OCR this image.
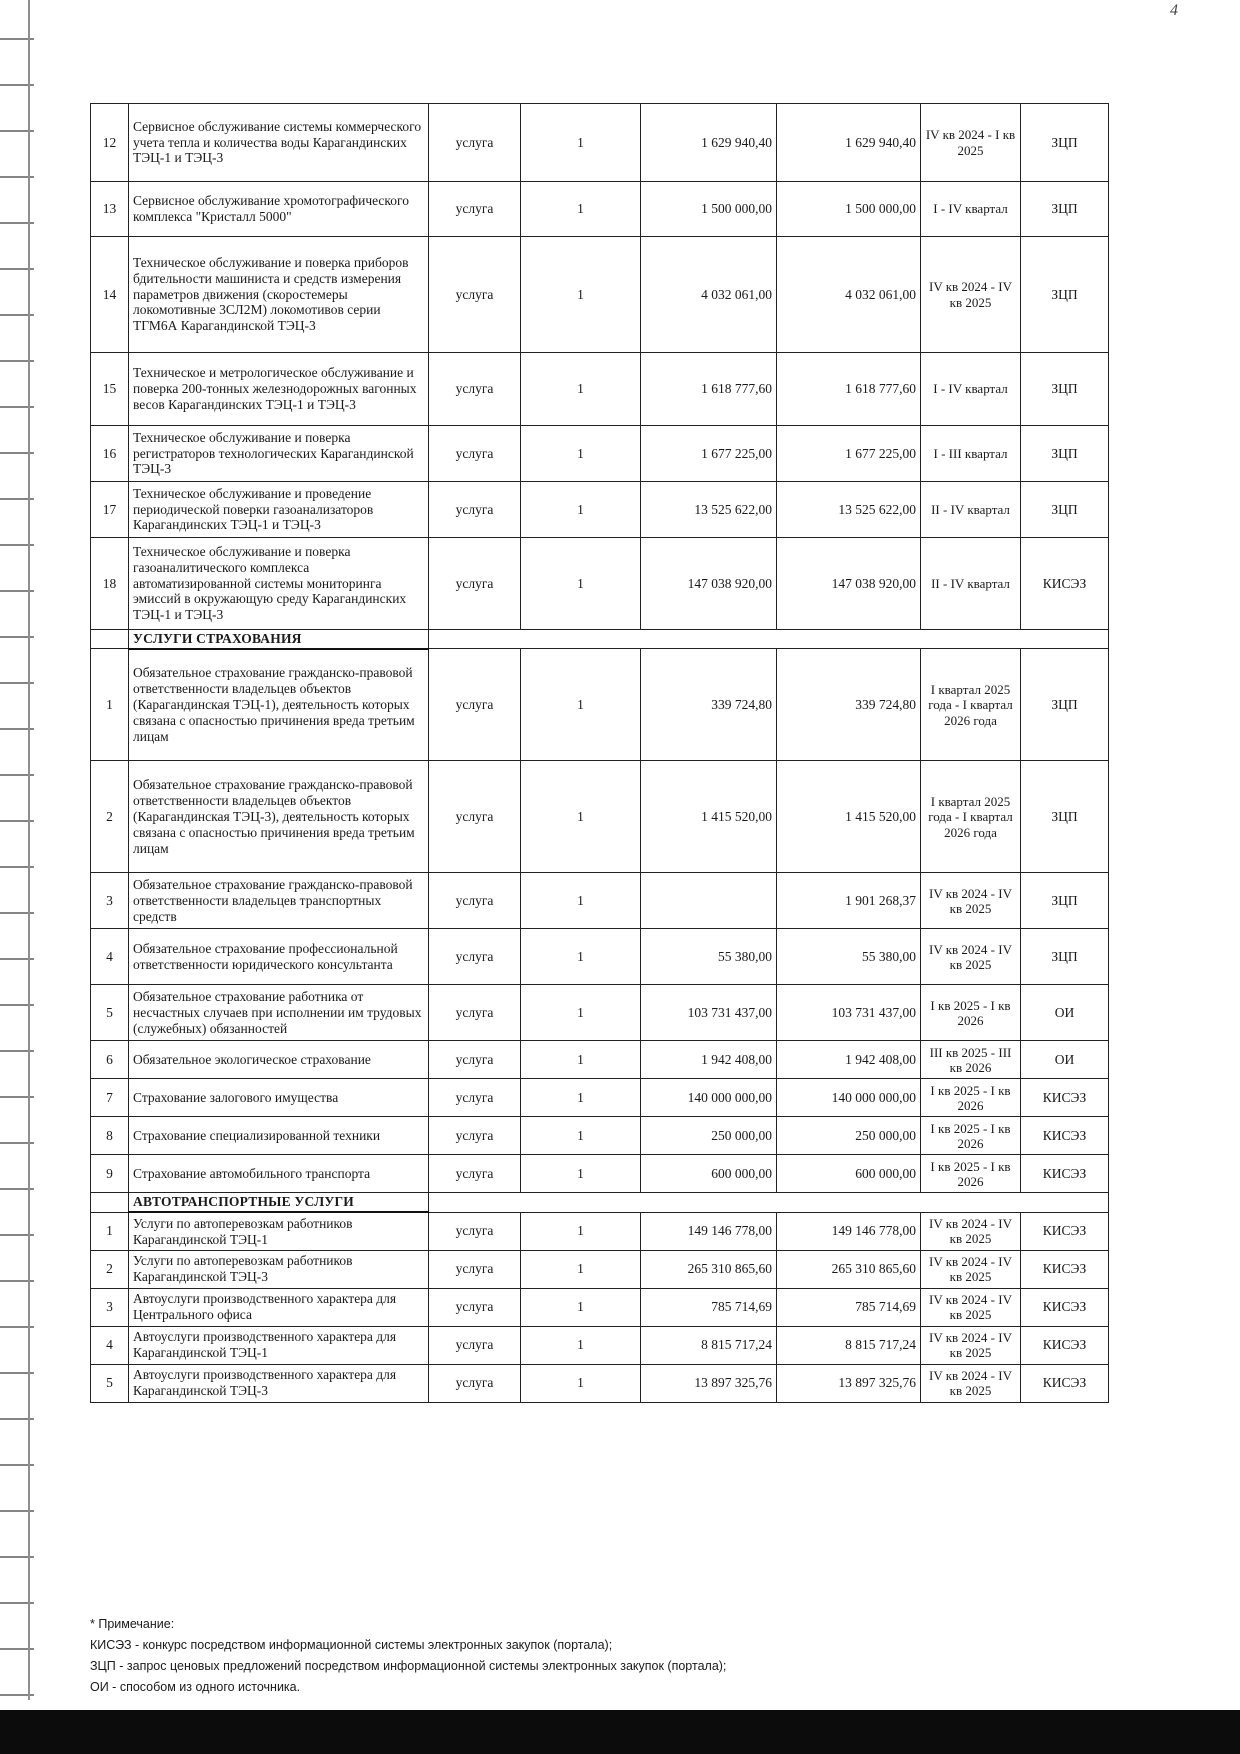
4
12	Сервисное обслуживание системы коммерческого учета тепла и количества воды Карагандинских ТЭЦ-1 и ТЭЦ-3	услуга	1	1 629 940,40	1 629 940,40	IV кв 2024 - I кв 2025	ЗЦП
13	Сервисное обслуживание хромотографического комплекса "Кристалл 5000"	услуга	1	1 500 000,00	1 500 000,00	I - IV квартал	ЗЦП
14	Техническое обслуживание и поверка приборов бдительности машиниста и средств измерения параметров движения (скоростемеры локомотивные 3СЛ2М) локомотивов серии ТГМ6А Карагандинской ТЭЦ-3	услуга	1	4 032 061,00	4 032 061,00	IV кв 2024 - IV кв 2025	ЗЦП
15	Техническое и метрологическое обслуживание и поверка 200-тонных железнодорожных вагонных весов Карагандинских ТЭЦ-1 и ТЭЦ-3	услуга	1	1 618 777,60	1 618 777,60	I - IV квартал	ЗЦП
16	Техническое обслуживание и поверка регистраторов технологических Карагандинской ТЭЦ-3	услуга	1	1 677 225,00	1 677 225,00	I - III квартал	ЗЦП
17	Техническое обслуживание и проведение периодической поверки газоанализаторов Карагандинских ТЭЦ-1 и ТЭЦ-3	услуга	1	13 525 622,00	13 525 622,00	II - IV квартал	ЗЦП
18	Техническое обслуживание и поверка газоаналитического комплекса автоматизированной системы мониторинга эмиссий в окружающую среду Карагандинских ТЭЦ-1 и ТЭЦ-3	услуга	1	147 038 920,00	147 038 920,00	II - IV квартал	КИСЭЗ
	УСЛУГИ СТРАХОВАНИЯ						
1	Обязательное страхование гражданско-правовой ответственности владельцев объектов (Карагандинская ТЭЦ-1), деятельность которых связана с опасностью причинения вреда третьим лицам	услуга	1	339 724,80	339 724,80	I квартал 2025 года - I квартал 2026 года	ЗЦП
2	Обязательное страхование гражданско-правовой ответственности владельцев объектов (Карагандинская ТЭЦ-3), деятельность которых связана с опасностью причинения вреда третьим лицам	услуга	1	1 415 520,00	1 415 520,00	I квартал 2025 года - I квартал 2026 года	ЗЦП
3	Обязательное страхование гражданско-правовой ответственности владельцев транспортных средств	услуга	1		1 901 268,37	IV кв 2024 - IV кв 2025	ЗЦП
4	Обязательное страхование профессиональной ответственности юридического консультанта	услуга	1	55 380,00	55 380,00	IV кв 2024 - IV кв 2025	ЗЦП
5	Обязательное страхование работника от несчастных случаев при исполнении им трудовых (служебных) обязанностей	услуга	1	103 731 437,00	103 731 437,00	I кв 2025 - I кв 2026	ОИ
6	Обязательное экологическое страхование	услуга	1	1 942 408,00	1 942 408,00	III кв 2025 - III кв 2026	ОИ
7	Страхование залогового имущества	услуга	1	140 000 000,00	140 000 000,00	I кв 2025 - I кв 2026	КИСЭЗ
8	Страхование специализированной техники	услуга	1	250 000,00	250 000,00	I кв 2025 - I кв 2026	КИСЭЗ
9	Страхование автомобильного транспорта	услуга	1	600 000,00	600 000,00	I кв 2025 - I кв 2026	КИСЭЗ
	АВТОТРАНСПОРТНЫЕ УСЛУГИ						
1	Услуги по автоперевозкам работников Карагандинской ТЭЦ-1	услуга	1	149 146 778,00	149 146 778,00	IV кв 2024 - IV кв 2025	КИСЭЗ
2	Услуги по автоперевозкам работников Карагандинской ТЭЦ-3	услуга	1	265 310 865,60	265 310 865,60	IV кв 2024 - IV кв 2025	КИСЭЗ
3	Автоуслуги производственного характера для Центрального офиса	услуга	1	785 714,69	785 714,69	IV кв 2024 - IV кв 2025	КИСЭЗ
4	Автоуслуги производственного характера для Карагандинской ТЭЦ-1	услуга	1	8 815 717,24	8 815 717,24	IV кв 2024 - IV кв 2025	КИСЭЗ
5	Автоуслуги производственного характера для Карагандинской ТЭЦ-3	услуга	1	13 897 325,76	13 897 325,76	IV кв 2024 - IV кв 2025	КИСЭЗ
* Примечание:
КИСЭЗ - конкурс посредством информационной системы электронных закупок (портала);
ЗЦП - запрос ценовых предложений посредством информационной системы электронных закупок (портала);
ОИ - способом из одного источника.
